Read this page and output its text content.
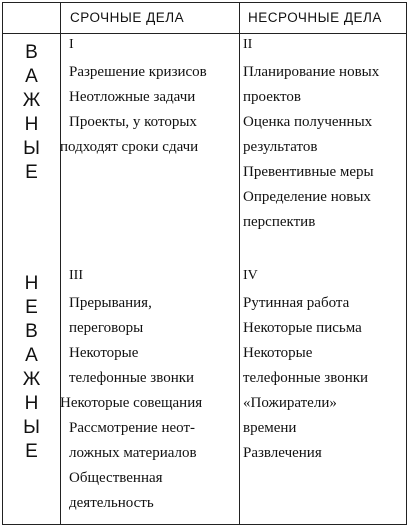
СРОЧНЫЕ ДЕЛА	НЕСРОЧНЫЕ ДЕЛА
В
А
Ж
Н
Ы
Е
Н
Е
В
А
Ж
Н
Ы
Е
I
Разрешение кризисов
Неотложные задачи
Проекты, у которых
подходят сроки сдачи
II
Планирование новых
проектов
Оценка полученных
результатов
Превентивные меры
Определение новых
перспектив
III
Прерывания,
переговоры
Некоторые
телефонные звонки
Некоторые совещания
Рассмотрение неот-
ложных материалов
Общественная
деятельность
IV
Рутинная работа
Некоторые письма
Некоторые
телефонные звонки
«Пожиратели»
времени
Развлечения
